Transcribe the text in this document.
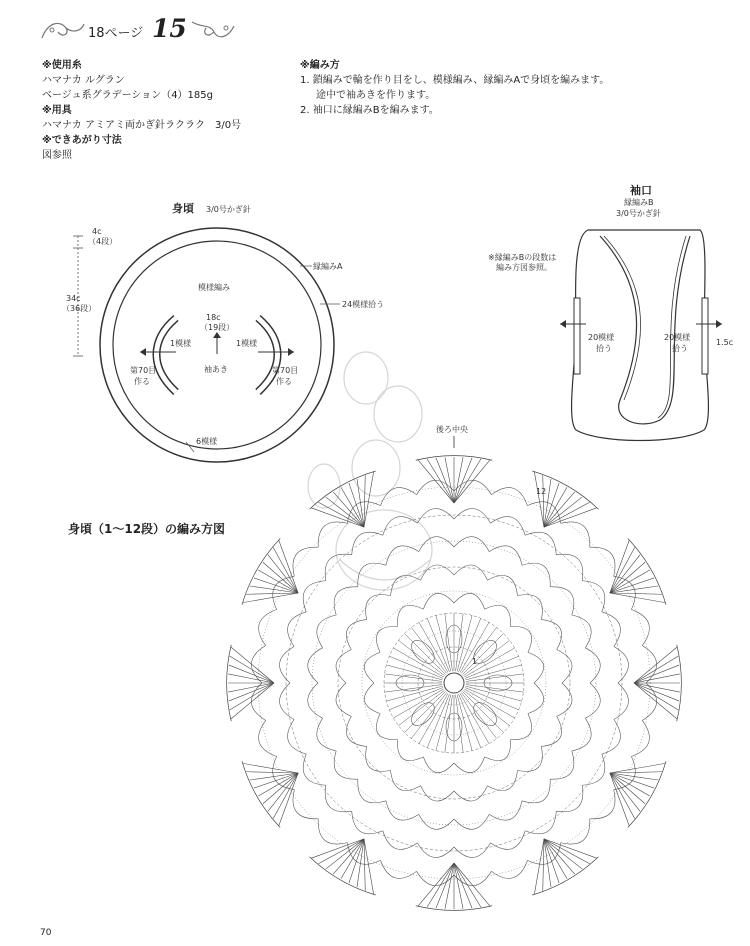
18ページ 15
※使用糸
ハマナカ ルグラン
ベージュ系グラデーション（4）185g
※用具
ハマナカ アミアミ両かぎ針ラクラク　3/0号
※できあがり寸法
図参照
※編み方
1. 鎖編みで輪を作り目をし、模様編み、縁編みAで身頃を編みます。
途中で袖あきを作ります。
2. 袖口に縁編みBを編みます。
身頃 3/0号かぎ針
4c
（4段）
34c
（36段）
縁編みA
24模様拾う
模様編み
18c
（19段）
1模様	1模様
袖あき
第70目
作る
第70目
作る
6模様
袖口
縁編みB
3/0号かぎ針
※縁編みBの段数は
編み方図参照。
20模様
拾う
20模様
拾う
1.5c
後ろ中央
12
1
身頃（1〜12段）の編み方図
70
